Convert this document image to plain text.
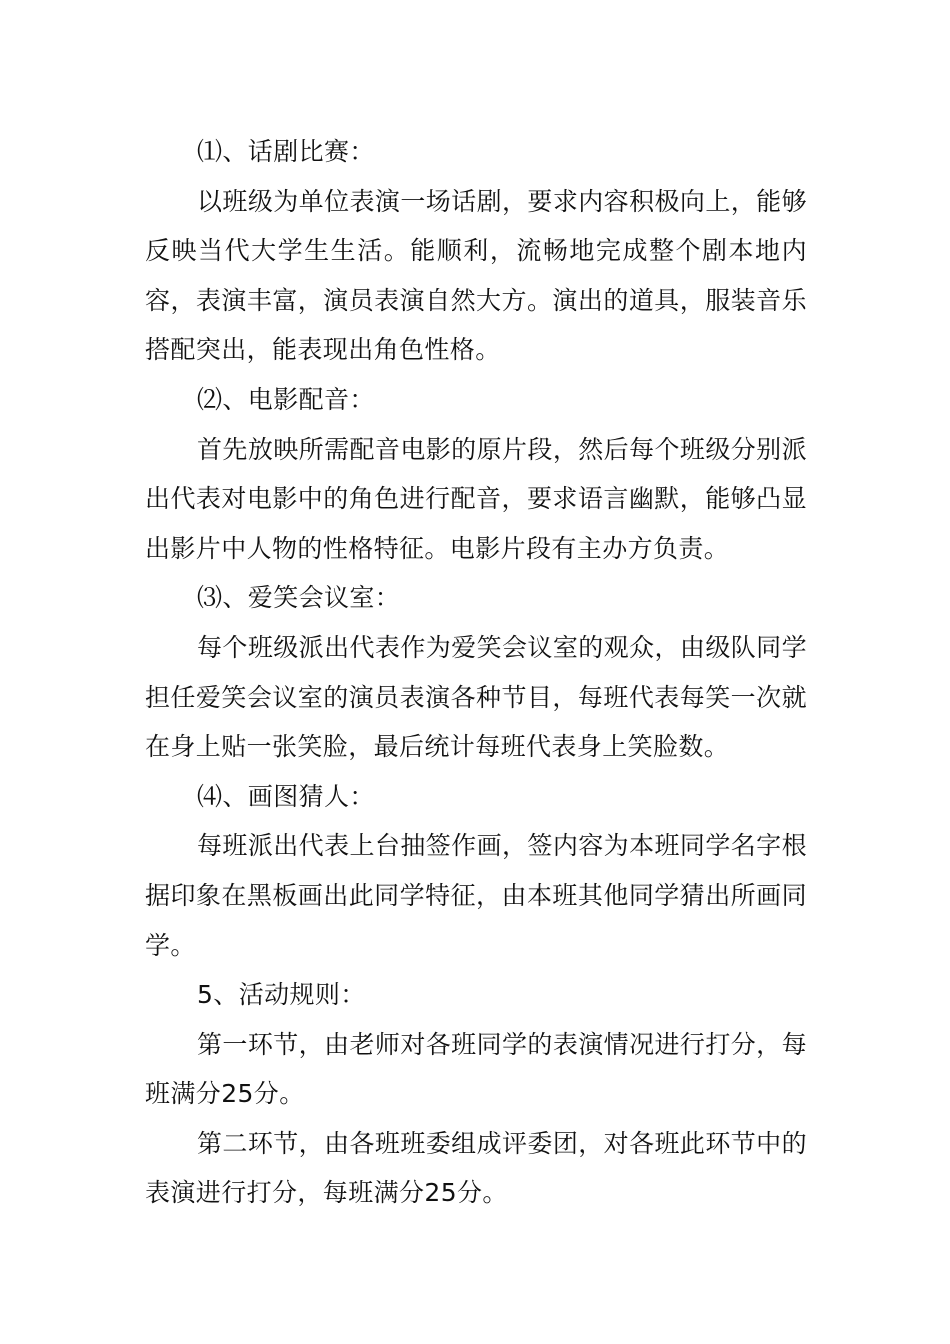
⑴、话剧比赛：

以班级为单位表演一场话剧，要求内容积极向上，能够反映当代大学生生活。能顺利，流畅地完成整个剧本地内容，表演丰富，演员表演自然大方。演出的道具，服装音乐搭配突出，能表现出角色性格。

⑵、电影配音：

首先放映所需配音电影的原片段，然后每个班级分别派出代表对电影中的角色进行配音，要求语言幽默，能够凸显出影片中人物的性格特征。电影片段有主办方负责。

⑶、爱笑会议室：

每个班级派出代表作为爱笑会议室的观众，由级队同学担任爱笑会议室的演员表演各种节目，每班代表每笑一次就在身上贴一张笑脸，最后统计每班代表身上笑脸数。

⑷、画图猜人：

每班派出代表上台抽签作画，签内容为本班同学名字根据印象在黑板画出此同学特征，由本班其他同学猜出所画同学。

5、活动规则：

第一环节，由老师对各班同学的表演情况进行打分，每班满分25分。

第二环节，由各班班委组成评委团，对各班此环节中的表演进行打分，每班满分25分。
